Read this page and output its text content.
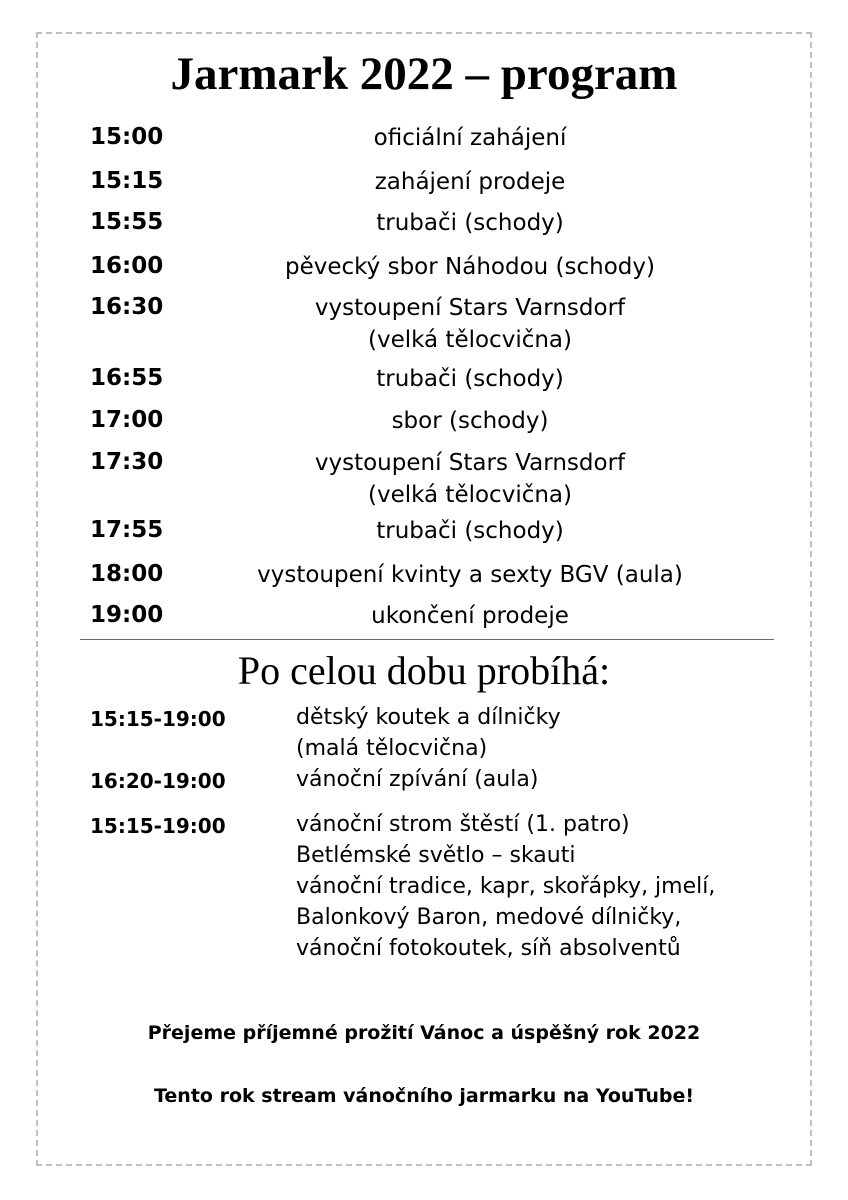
Jarmark 2022 – program
15:00	oficiální zahájení
15:15	zahájení prodeje
15:55	trubači (schody)
16:00	pěvecký sbor Náhodou (schody)
16:30	vystoupení Stars Varnsdorf
(velká tělocvična)
16:55	trubači (schody)
17:00	sbor (schody)
17:30	vystoupení Stars Varnsdorf
(velká tělocvična)
17:55	trubači (schody)
18:00	vystoupení kvinty a sexty BGV (aula)
19:00	ukončení prodeje
Po celou dobu probíhá:
15:15-19:00	dětský koutek a dílničky
(malá tělocvična)
16:20-19:00	vánoční zpívání (aula)
15:15-19:00	vánoční strom štěstí (1. patro)
Betlémské světlo – skauti
vánoční tradice, kapr, skořápky, jmelí,
Balonkový Baron, medové dílničky,
vánoční fotokoutek, síň absolventů
Přejeme příjemné prožití Vánoc a úspěšný rok 2022
Tento rok stream vánočního jarmarku na YouTube!
